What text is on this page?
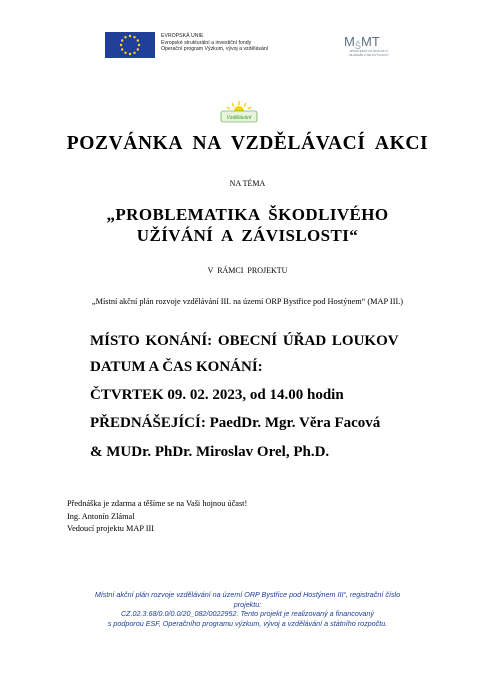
EVROPSKÁ UNIE
Evropské strukturální a investiční fondy
Operační program Výzkum, vývoj a vzdělávání
M Š MT
MINISTERSTVO ŠKOLSTVÍ,
MLÁDEŽE A TĚLOVÝCHOVY
Vzdělávání
POZVÁNKA NA VZDĚLÁVACÍ AKCI
NA TÉMA
„PROBLEMATIKA ŠKODLIVÉHO
UŽÍVÁNÍ A ZÁVISLOSTI“
V RÁMCI PROJEKTU
„Místní akční plán rozvoje vzdělávání III. na území ORP Bystřice pod Hostýnem“ (MAP III.)
MÍSTO KONÁNÍ: OBECNÍ ÚŘAD LOUKOV
DATUM A ČAS KONÁNÍ:
ČTVRTEK 09. 02. 2023, od 14.00 hodin
PŘEDNÁŠEJÍCÍ: PaedDr. Mgr. Věra Facová
& MUDr. PhDr. Miroslav Orel, Ph.D.
Přednáška je zdarma a těšíme se na Vaši hojnou účast!
Ing. Antonín Zlámal
Vedoucí projektu MAP III
Místní akční plán rozvoje vzdělávání na území ORP Bystřice pod Hostýnem III“, registrační číslo
projektu:
CZ.02.3.68/0.0/0.0/20_082/0022952. Tento projekt je realizovaný a financovaný
s podporou ESF, Operačního programu výzkum, vývoj a vzdělávání a státního rozpočtu.
